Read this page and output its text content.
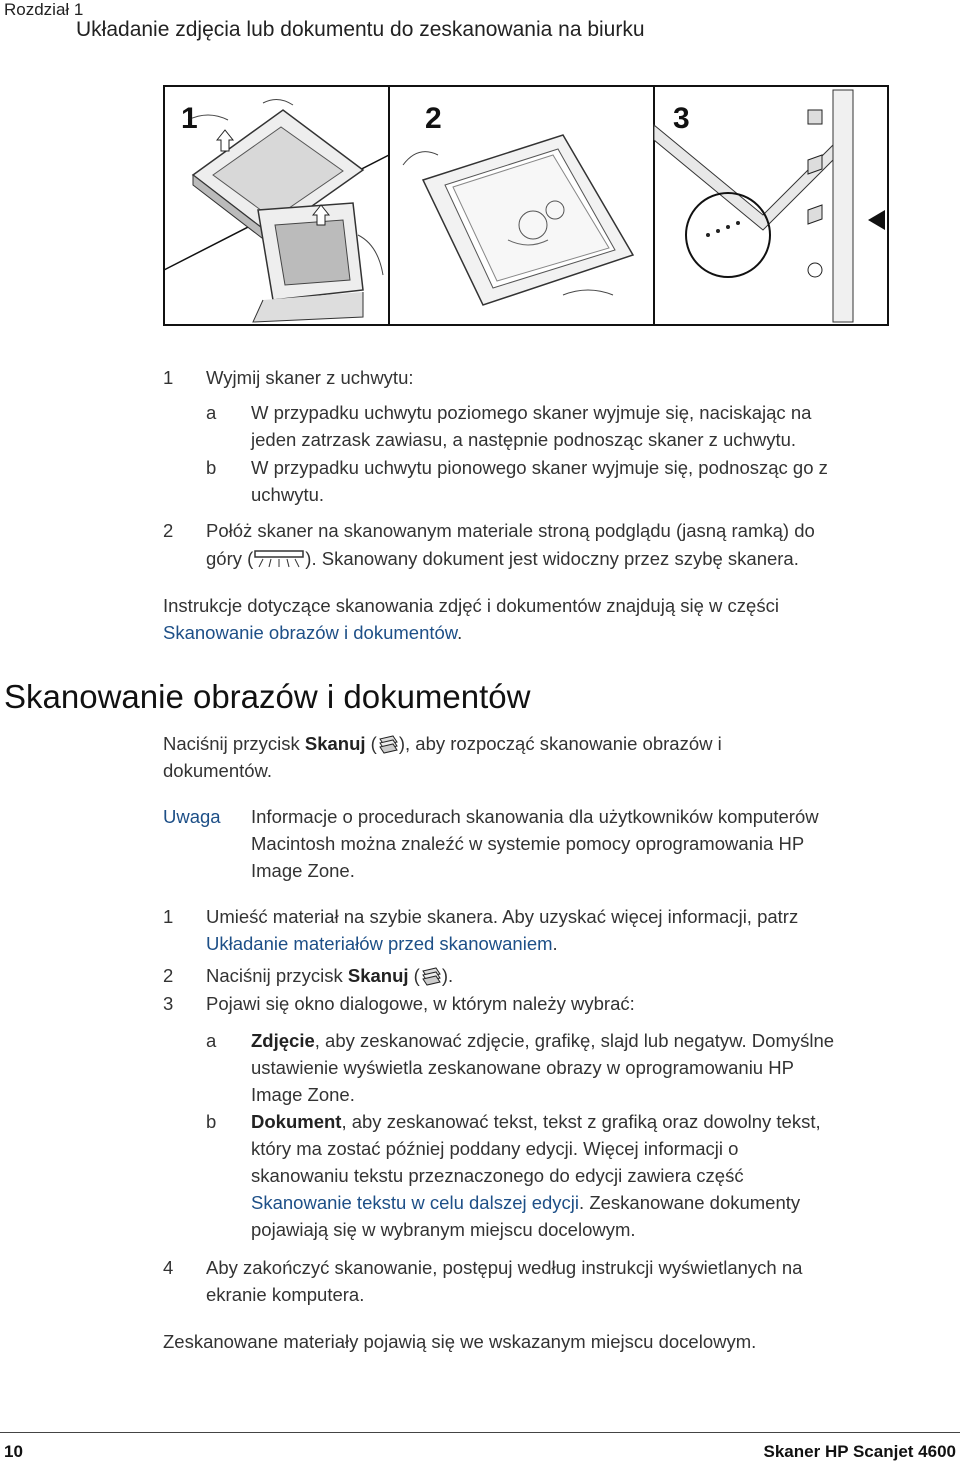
Rozdział 1
Układanie zdjęcia lub dokumentu do zeskanowania na biurku
1	2	3
1 Wyjmij skaner z uchwytu:
a W przypadku uchwytu poziomego skaner wyjmuje się, naciskając na
jeden zatrzask zawiasu, a następnie podnosząc skaner z uchwytu.
b W przypadku uchwytu pionowego skaner wyjmuje się, podnosząc go z
uchwytu.
2 Połóż skaner na skanowanym materiale stroną podglądu (jasną ramką) do
góry (	). Skanowany dokument jest widoczny przez szybę skanera.
Instrukcje dotyczące skanowania zdjęć i dokumentów znajdują się w części
Skanowanie obrazów i dokumentów.
Skanowanie obrazów i dokumentów
Naciśnij przycisk Skanuj ( ), aby rozpocząć skanowanie obrazów i
dokumentów.
Uwaga Informacje o procedurach skanowania dla użytkowników komputerów
Macintosh można znaleźć w systemie pomocy oprogramowania HP
Image Zone.
1 Umieść materiał na szybie skanera. Aby uzyskać więcej informacji, patrz
Układanie materiałów przed skanowaniem.
2 Naciśnij przycisk Skanuj ( ).
3 Pojawi się okno dialogowe, w którym należy wybrać:
a Zdjęcie, aby zeskanować zdjęcie, grafikę, slajd lub negatyw. Domyślne
ustawienie wyświetla zeskanowane obrazy w oprogramowaniu HP
Image Zone.
b Dokument, aby zeskanować tekst, tekst z grafiką oraz dowolny tekst,
który ma zostać później poddany edycji. Więcej informacji o
skanowaniu tekstu przeznaczonego do edycji zawiera część
Skanowanie tekstu w celu dalszej edycji. Zeskanowane dokumenty
pojawiają się w wybranym miejscu docelowym.
4 Aby zakończyć skanowanie, postępuj według instrukcji wyświetlanych na
ekranie komputera.
Zeskanowane materiały pojawią się we wskazanym miejscu docelowym.
10	Skaner HP Scanjet 4600
